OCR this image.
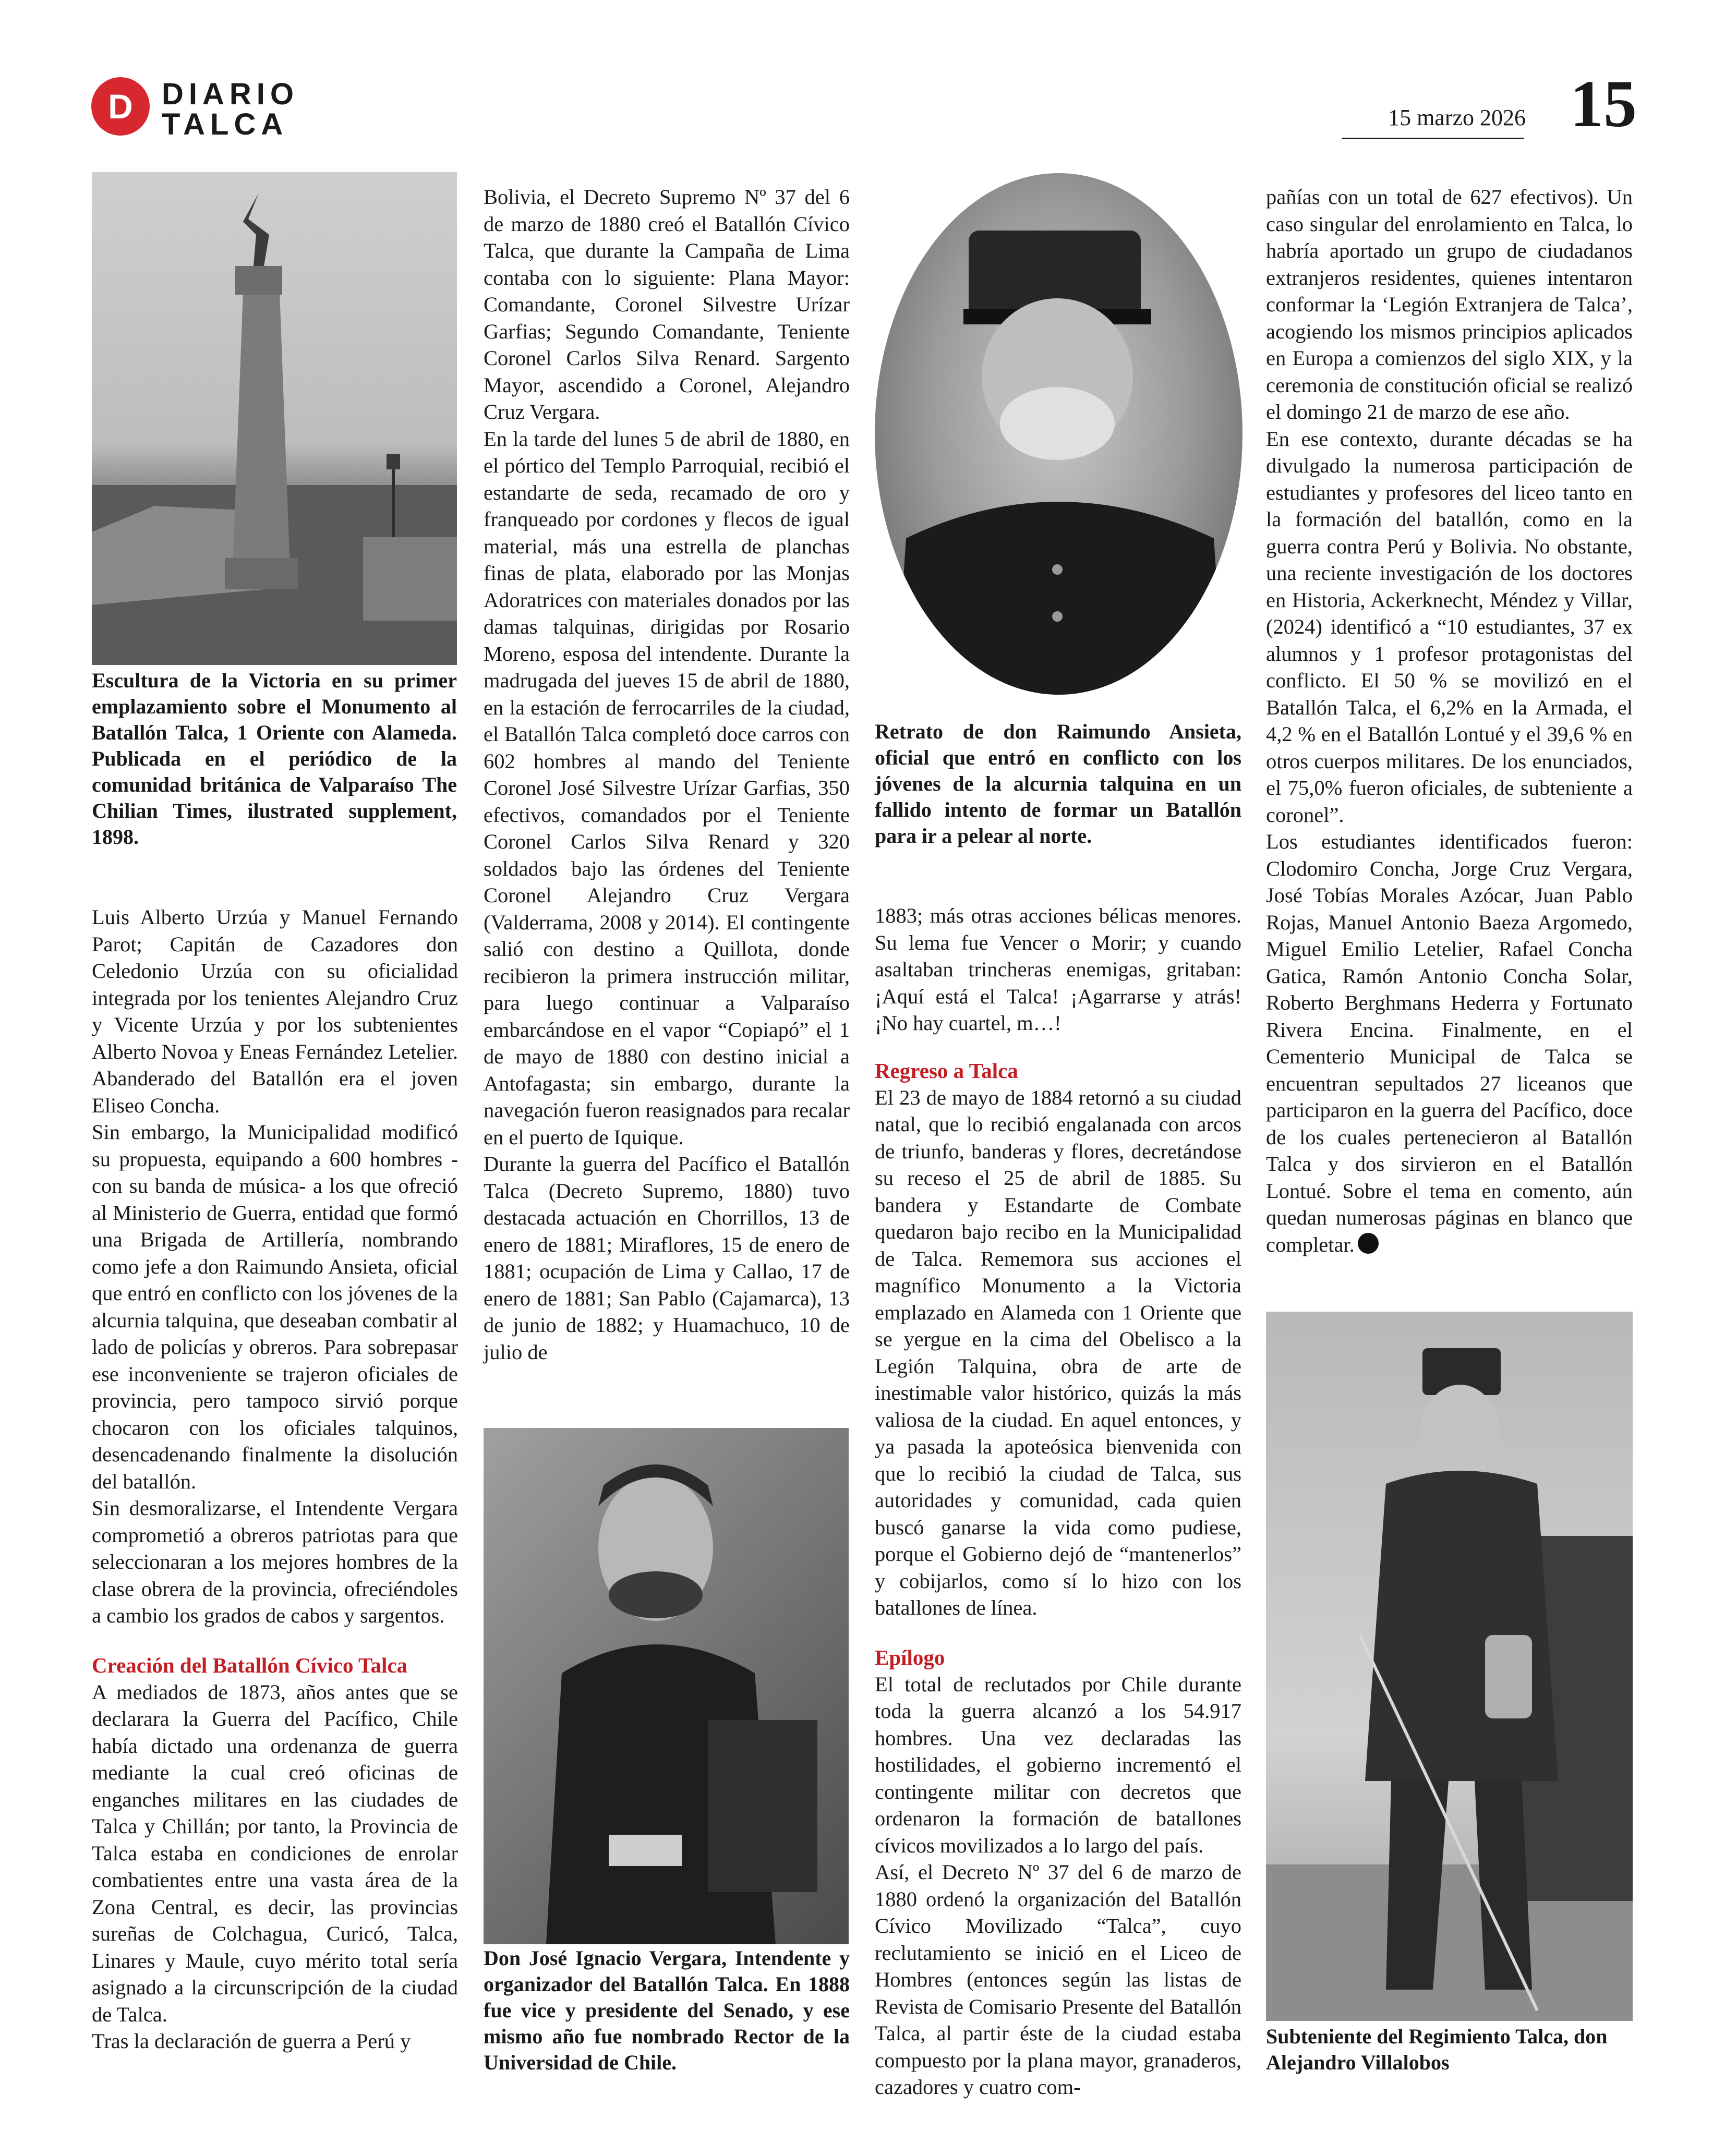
D DIARIO
TALCA	15 marzo 2026 15
Escultura de la Victoria en su primer emplazamiento sobre el Monumento al Batallón Talca, 1 Oriente con Alameda. Publicada en el periódico de la comunidad británica de Valparaíso The Chilian Times, ilustrated supplement, 1898.

Luis Alberto Urzúa y Manuel Fernando Parot; Capitán de Cazadores don Celedonio Urzúa con su oficialidad integrada por los tenientes Alejandro Cruz y Vicente Urzúa y por los subtenientes Alberto Novoa y Eneas Fernández Letelier. Abanderado del Batallón era el joven Eliseo Concha.

Sin embargo, la Municipalidad modificó su propuesta, equipando a 600 hombres -con su banda de música- a los que ofreció al Ministerio de Guerra, entidad que formó una Brigada de Artillería, nombrando como jefe a don Raimundo Ansieta, oficial que entró en conflicto con los jóvenes de la alcurnia talquina, que deseaban combatir al lado de policías y obreros. Para sobrepasar ese inconveniente se trajeron oficiales de provincia, pero tampoco sirvió porque chocaron con los oficiales talquinos, desencadenando finalmente la disolución del batallón.

Sin desmoralizarse, el Intendente Vergara comprometió a obreros patriotas para que seleccionaran a los mejores hombres de la clase obrera de la provincia, ofreciéndoles a cambio los grados de cabos y sargentos.

Creación del Batallón Cívico Talca

A mediados de 1873, años antes que se declarara la Guerra del Pacífico, Chile había dictado una ordenanza de guerra mediante la cual creó oficinas de enganches militares en las ciudades de Talca y Chillán; por tanto, la Provincia de Talca estaba en condiciones de enrolar combatientes entre una vasta área de la Zona Central, es decir, las provincias sureñas de Colchagua, Curicó, Talca, Linares y Maule, cuyo mérito total sería asignado a la circunscripción de la ciudad de Talca.

Tras la declaración de guerra a Perú y

Bolivia, el Decreto Supremo Nº 37 del 6 de marzo de 1880 creó el Batallón Cívico Talca, que durante la Campaña de Lima contaba con lo siguiente: Plana Mayor: Comandante, Coronel Silvestre Urízar Garfias; Segundo Comandante, Teniente Coronel Carlos Silva Renard. Sargento Mayor, ascendido a Coronel, Alejandro Cruz Vergara.

En la tarde del lunes 5 de abril de 1880, en el pórtico del Templo Parroquial, recibió el estandarte de seda, recamado de oro y franqueado por cordones y flecos de igual material, más una estrella de planchas finas de plata, elaborado por las Monjas Adoratrices con materiales donados por las damas talquinas, dirigidas por Rosario Moreno, esposa del intendente. Durante la madrugada del jueves 15 de abril de 1880, en la estación de ferrocarriles de la ciudad, el Batallón Talca completó doce carros con 602 hombres al mando del Teniente Coronel José Silvestre Urízar Garfias, 350 efectivos, comandados por el Teniente Coronel Carlos Silva Renard y 320 soldados bajo las órdenes del Teniente Coronel Alejandro Cruz Vergara (Valderrama, 2008 y 2014). El contingente salió con destino a Quillota, donde recibieron la primera instrucción militar, para luego continuar a Valparaíso embarcándose en el vapor “Copiapó” el 1 de mayo de 1880 con destino inicial a Antofagasta; sin embargo, durante la navegación fueron reasignados para recalar en el puerto de Iquique.

Durante la guerra del Pacífico el Batallón Talca (Decreto Supremo, 1880) tuvo destacada actuación en Chorrillos, 13 de enero de 1881; Miraflores, 15 de enero de 1881; ocupación de Lima y Callao, 17 de enero de 1881; San Pablo (Cajamarca), 13 de junio de 1882; y Huamachuco, 10 de julio de

Don José Ignacio Vergara, Intendente y organizador del Batallón Talca. En 1888 fue vice y presidente del Senado, y ese mismo año fue nombrado Rector de la Universidad de Chile.
Retrato de don Raimundo Ansieta, oficial que entró en conflicto con los jóvenes de la alcurnia talquina en un fallido intento de formar un Batallón para ir a pelear al norte.

1883; más otras acciones bélicas menores. Su lema fue Vencer o Morir; y cuando asaltaban trincheras enemigas, gritaban: ¡Aquí está el Talca! ¡Agarrarse y atrás! ¡No hay cuartel, m…!

Regreso a Talca

El 23 de mayo de 1884 retornó a su ciudad natal, que lo recibió engalanada con arcos de triunfo, banderas y flores, decretándose su receso el 25 de abril de 1885. Su bandera y Estandarte de Combate quedaron bajo recibo en la Municipalidad de Talca. Rememora sus acciones el magnífico Monumento a la Victoria emplazado en Alameda con 1 Oriente que se yergue en la cima del Obelisco a la Legión Talquina, obra de arte de inestimable valor histórico, quizás la más valiosa de la ciudad. En aquel entonces, y ya pasada la apoteósica bienvenida con que lo recibió la ciudad de Talca, sus autoridades y comunidad, cada quien buscó ganarse la vida como pudiese, porque el Gobierno dejó de “mantenerlos” y cobijarlos, como sí lo hizo con los batallones de línea.

Epílogo

El total de reclutados por Chile durante toda la guerra alcanzó a los 54.917 hombres. Una vez declaradas las hostilidades, el gobierno incrementó el contingente militar con decretos que ordenaron la formación de batallones cívicos movilizados a lo largo del país.

Así, el Decreto Nº 37 del 6 de marzo de 1880 ordenó la organización del Batallón Cívico Movilizado “Talca”, cuyo reclutamiento se inició en el Liceo de Hombres (entonces según las listas de Revista de Comisario Presente del Batallón Talca, al partir éste de la ciudad estaba compuesto por la plana mayor, granaderos, cazadores y cuatro com-

pañías con un total de 627 efectivos). Un caso singular del enrolamiento en Talca, lo habría aportado un grupo de ciudadanos extranjeros residentes, quienes intentaron conformar la ‘Legión Extranjera de Talca’, acogiendo los mismos principios aplicados en Europa a comienzos del siglo XIX, y la ceremonia de constitución oficial se realizó el domingo 21 de marzo de ese año.

En ese contexto, durante décadas se ha divulgado la numerosa participación de estudiantes y profesores del liceo tanto en la formación del batallón, como en la guerra contra Perú y Bolivia. No obstante, una reciente investigación de los doctores en Historia, Ackerknecht, Méndez y Villar, (2024) identificó a “10 estudiantes, 37 ex alumnos y 1 profesor protagonistas del conflicto. El 50 % se movilizó en el Batallón Talca, el 6,2% en la Armada, el 4,2 % en el Batallón Lontué y el 39,6 % en otros cuerpos militares. De los enunciados, el 75,0% fueron oficiales, de subteniente a coronel”.

Los estudiantes identificados fueron: Clodomiro Concha, Jorge Cruz Vergara, José Tobías Morales Azócar, Juan Pablo Rojas, Manuel Antonio Baeza Argomedo, Miguel Emilio Letelier, Rafael Concha Gatica, Ramón Antonio Concha Solar, Roberto Berghmans Hederra y Fortunato Rivera Encina. Finalmente, en el Cementerio Municipal de Talca se encuentran sepultados 27 liceanos que participaron en la guerra del Pacífico, doce de los cuales pertenecieron al Batallón Talca y dos sirvieron en el Batallón Lontué. Sobre el tema en comento, aún quedan numerosas páginas en blanco que completar.

Subteniente del Regimiento Talca, don Alejandro Villalobos
